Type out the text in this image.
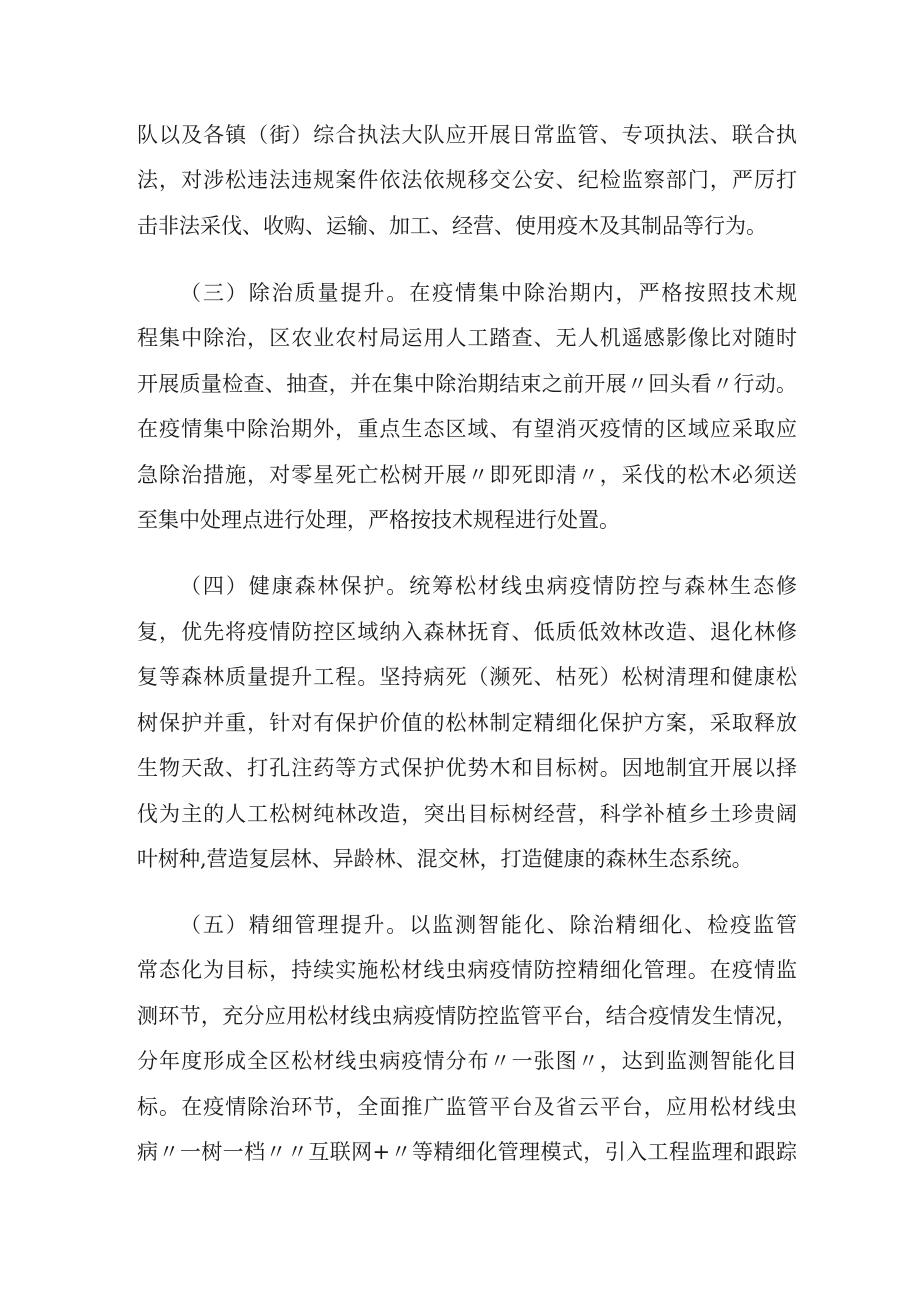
队以及各镇（街）综合执法大队应开展日常监管、专项执法、联合执
法，对涉松违法违规案件依法依规移交公安、纪检监察部门，严厉打
击非法采伐、收购、运输、加工、经营、使用疫木及其制品等行为。
（三）除治质量提升。在疫情集中除治期内，严格按照技术规
程集中除治，区农业农村局运用人工踏查、无人机遥感影像比对随时
开展质量检查、抽查，并在集中除治期结束之前开展〃回头看〃行动。
在疫情集中除治期外，重点生态区域、有望消灭疫情的区域应采取应
急除治措施，对零星死亡松树开展〃即死即清〃，采伐的松木必须送
至集中处理点进行处理，严格按技术规程进行处置。
（四）健康森林保护。统筹松材线虫病疫情防控与森林生态修
复，优先将疫情防控区域纳入森林抚育、低质低效林改造、退化林修
复等森林质量提升工程。坚持病死（濒死、枯死）松树清理和健康松
树保护并重，针对有保护价值的松林制定精细化保护方案，采取释放
生物天敌、打孔注药等方式保护优势木和目标树。因地制宜开展以择
伐为主的人工松树纯林改造，突出目标树经营，科学补植乡土珍贵阔
叶树种,营造复层林、异龄林、混交林，打造健康的森林生态系统。
（五）精细管理提升。以监测智能化、除治精细化、检疫监管
常态化为目标，持续实施松材线虫病疫情防控精细化管理。在疫情监
测环节，充分应用松材线虫病疫情防控监管平台，结合疫情发生情况，
分年度形成全区松材线虫病疫情分布〃一张图〃，达到监测智能化目
标。在疫情除治环节，全面推广监管平台及省云平台，应用松材线虫
病〃一树一档〃〃互联网+〃等精细化管理模式，引入工程监理和跟踪
